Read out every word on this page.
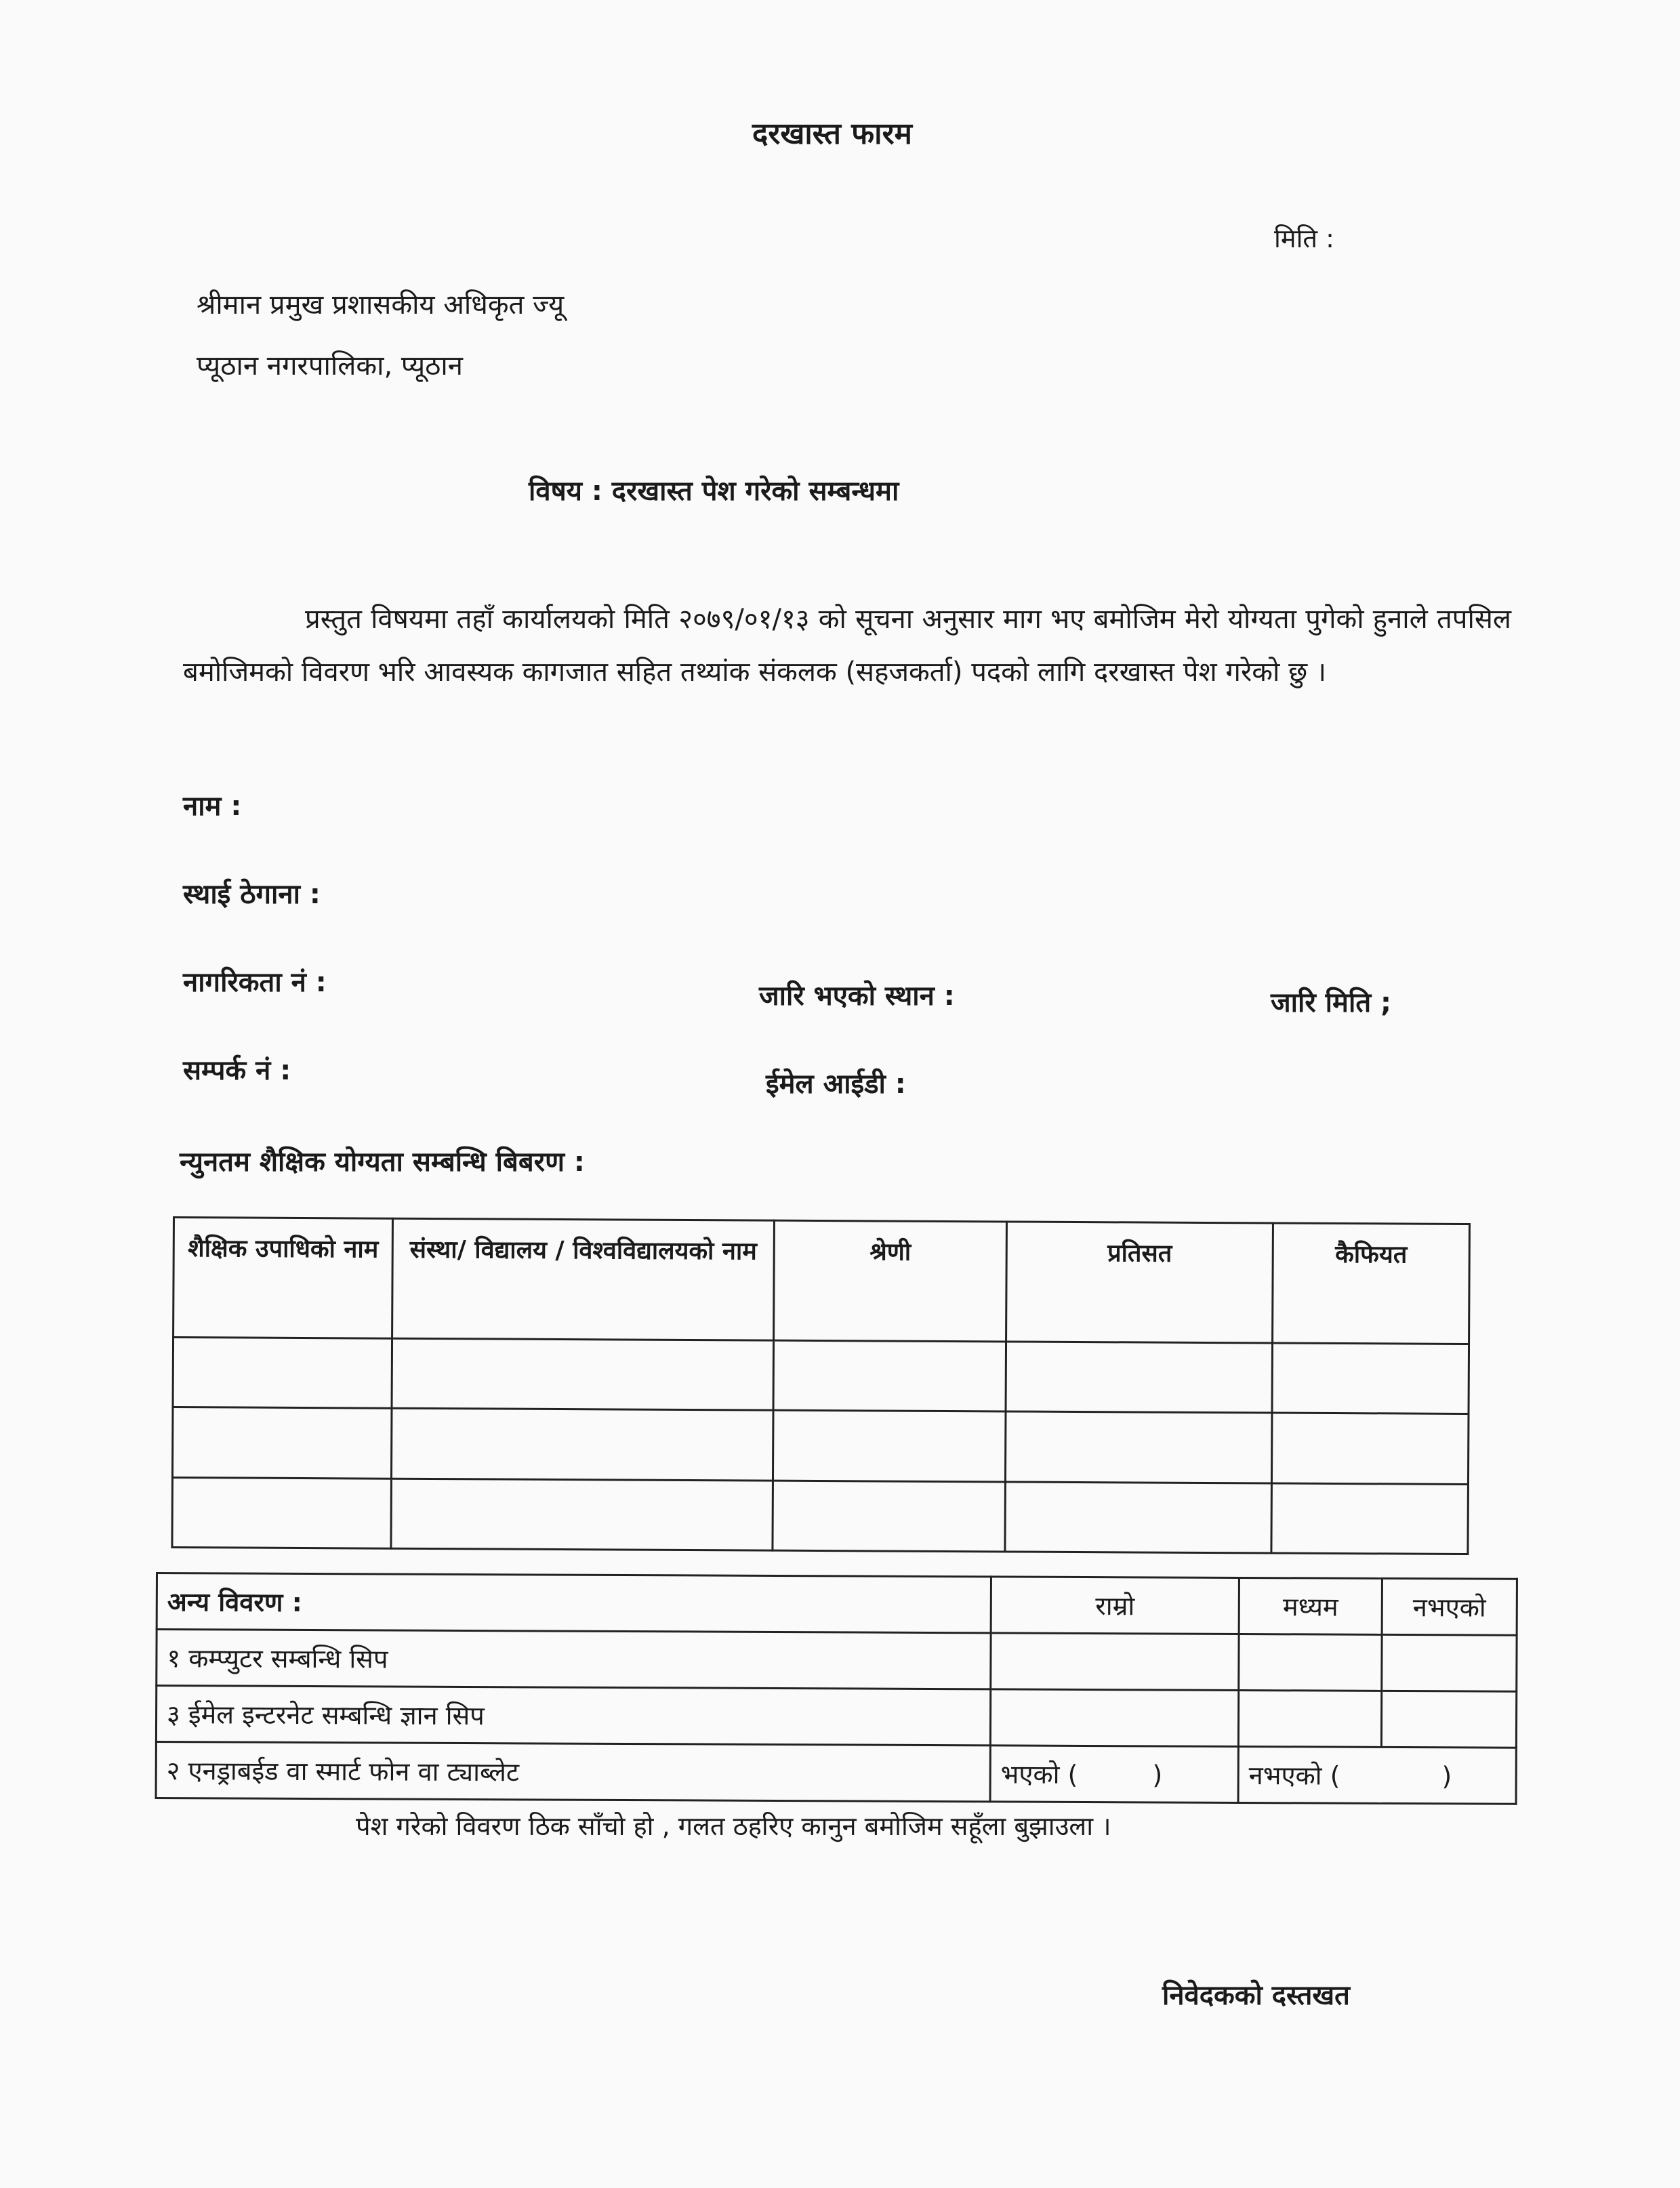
दरखास्त फारम
मिति :
श्रीमान प्रमुख प्रशासकीय अधिकृत ज्यू
प्यूठान नगरपालिका, प्यूठान
विषय : दरखास्त पेश गरेको सम्बन्धमा
प्रस्तुत विषयमा तहाँ कार्यालयको मिति २०७९/०१/१३ को सूचना अनुसार माग भए बमोजिम मेरो योग्यता पुगेको हुनाले तपसिल बमोजिमको विवरण भरि आवस्यक कागजात सहित तथ्यांक संकलक (सहजकर्ता) पदको लागि दरखास्त पेश गरेको छु ।
नाम :
स्थाई ठेगाना :
नागरिकता नं :	जारि भएको स्थान :	जारि मिति ;
सम्पर्क नं :	ईमेल आईडी :
न्युनतम शैक्षिक योग्यता सम्बन्धि बिबरण :
शैक्षिक उपाधिको नाम	संस्था/ विद्यालय / विश्वविद्यालयको नाम	श्रेणी	प्रतिसत	कैफियत

अन्य विवरण :	राम्रो	मध्यम	नभएको
१ कम्प्युटर सम्बन्धि सिप			
३ ईमेल इन्टरनेट सम्बन्धि ज्ञान सिप			
२ एनड्राबईड वा स्मार्ट फोन वा ट्याब्लेट	भएको ( )	नभएको ( )	
पेश गरेको विवरण ठिक साँचो हो , गलत ठहरिए कानुन बमोजिम सहूँला बुझाउला ।
निवेदकको दस्तखत
